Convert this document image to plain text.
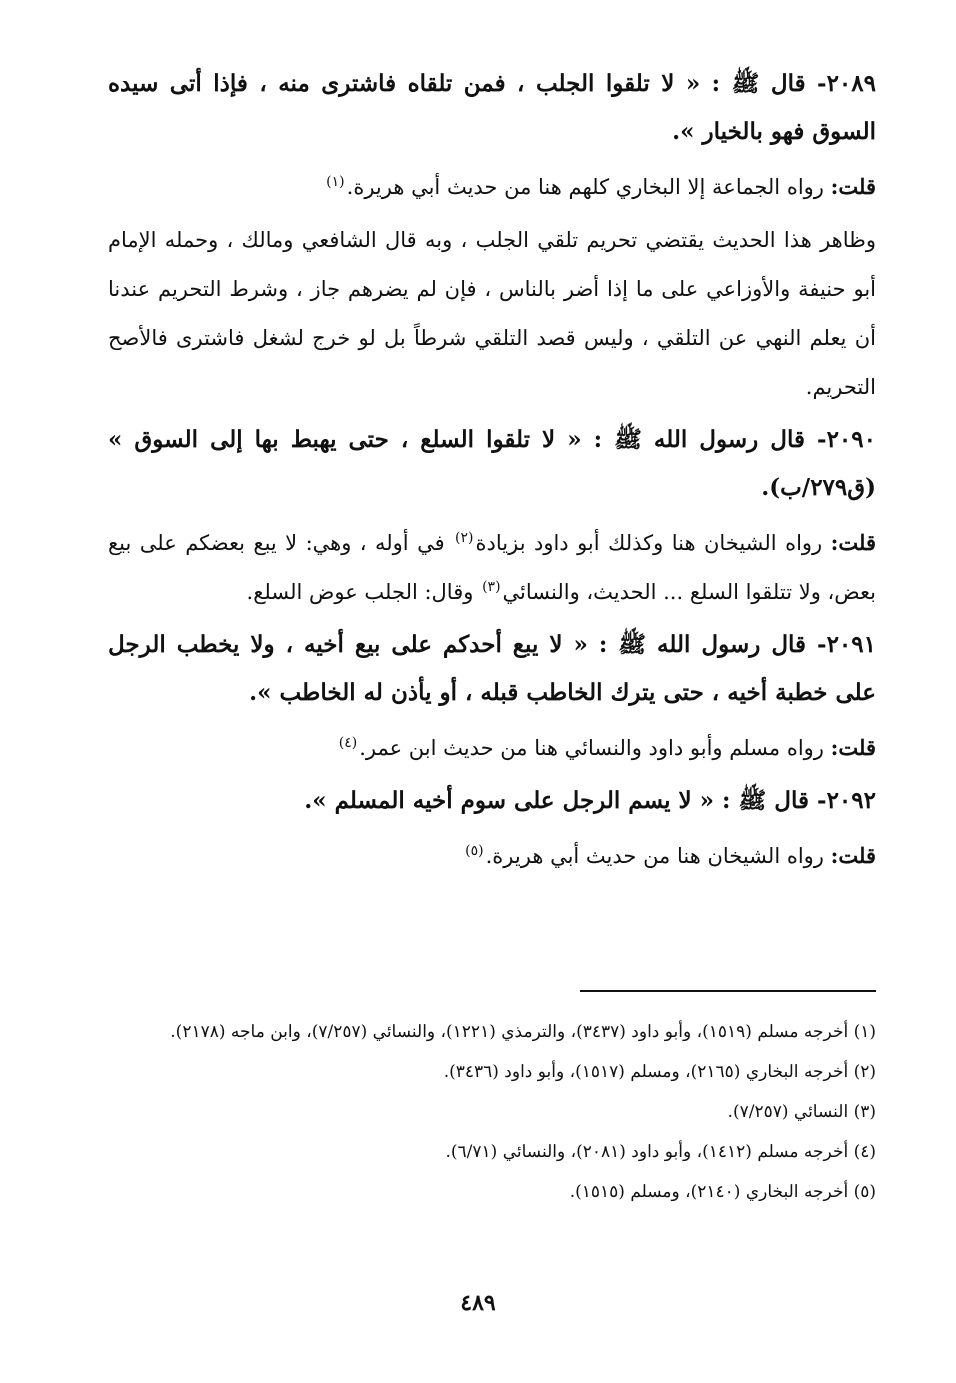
٢٠٨٩- قال ﷺ : « لا تلقوا الجلب ، فمن تلقاه فاشترى منه ، فإذا أتى سيده السوق فهو بالخيار ».

قلت: رواه الجماعة إلا البخاري كلهم هنا من حديث أبي هريرة.$^{(١)}$

وظاهر هذا الحديث يقتضي تحريم تلقي الجلب ، وبه قال الشافعي ومالك ، وحمله الإمام أبو حنيفة والأوزاعي على ما إذا أضر بالناس ، فإن لم يضرهم جاز ، وشرط التحريم عندنا أن يعلم النهي عن التلقي ، وليس قصد التلقي شرطاً بل لو خرج لشغل فاشترى فالأصح التحريم.

٢٠٩٠- قال رسول الله ﷺ : « لا تلقوا السلع ، حتى يهبط بها إلى السوق » (ق٢٧٩/ب).

قلت: رواه الشيخان هنا وكذلك أبو داود بزيادة$^{(٢)}$ في أوله ، وهي: لا يبع بعضكم على بيع بعض، ولا تتلقوا السلع ... الحديث، والنسائي$^{(٣)}$ وقال: الجلب عوض السلع.

٢٠٩١- قال رسول الله ﷺ : « لا يبع أحدكم على بيع أخيه ، ولا يخطب الرجل على خطبة أخيه ، حتى يترك الخاطب قبله ، أو يأذن له الخاطب ».

قلت: رواه مسلم وأبو داود والنسائي هنا من حديث ابن عمر.$^{(٤)}$

٢٠٩٢- قال ﷺ : « لا يسم الرجل على سوم أخيه المسلم ».

قلت: رواه الشيخان هنا من حديث أبي هريرة.$^{(٥)}$

(١) أخرجه مسلم (١٥١٩)، وأبو داود (٣٤٣٧)، والترمذي (١٢٢١)، والنسائي (٧/٢٥٧)، وابن ماجه (٢١٧٨).
(٢) أخرجه البخاري (٢١٦٥)، ومسلم (١٥١٧)، وأبو داود (٣٤٣٦).
(٣) النسائي (٧/٢٥٧).
(٤) أخرجه مسلم (١٤١٢)، وأبو داود (٢٠٨١)، والنسائي (٦/٧١).
(٥) أخرجه البخاري (٢١٤٠)، ومسلم (١٥١٥).
٤٨٩
